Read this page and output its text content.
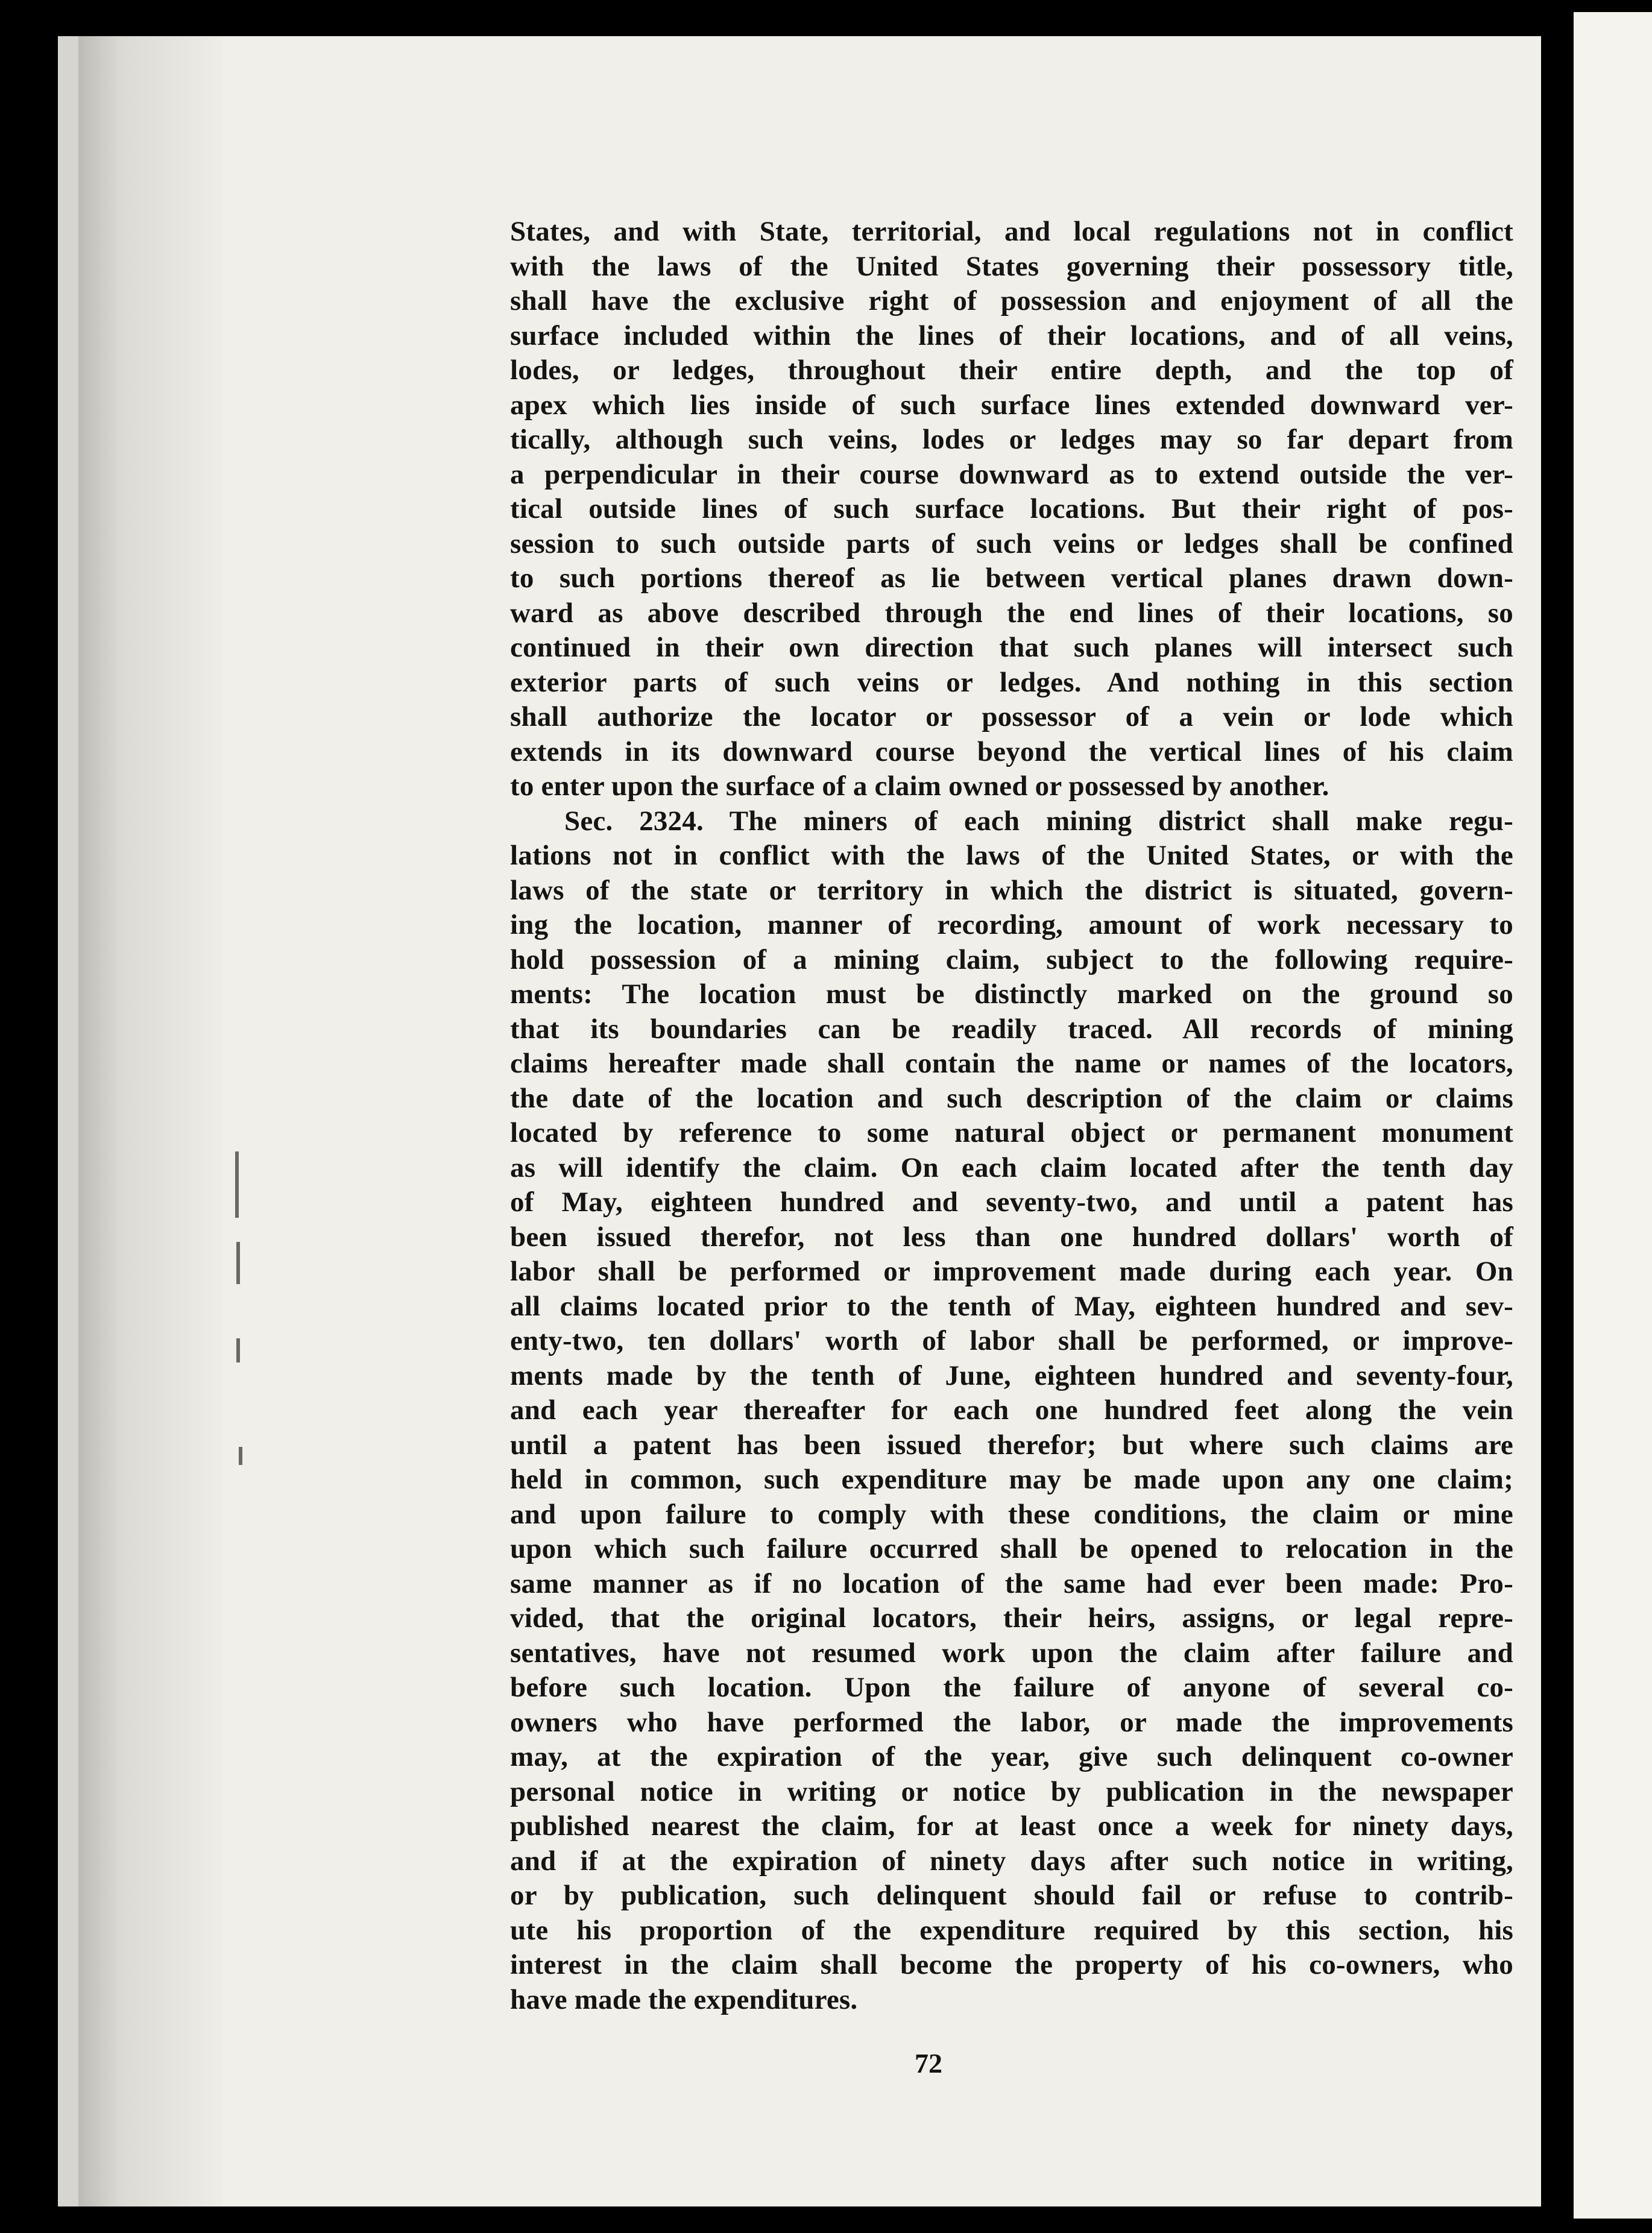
States, and with State, territorial, and local regulations not in conflict
with the laws of the United States governing their possessory title,
shall have the exclusive right of possession and enjoyment of all the
surface included within the lines of their locations, and of all veins,
lodes, or ledges, throughout their entire depth, and the top of
apex which lies inside of such surface lines extended downward ver-
tically, although such veins, lodes or ledges may so far depart from
a perpendicular in their course downward as to extend outside the ver-
tical outside lines of such surface locations. But their right of pos-
session to such outside parts of such veins or ledges shall be confined
to such portions thereof as lie between vertical planes drawn down-
ward as above described through the end lines of their locations, so
continued in their own direction that such planes will intersect such
exterior parts of such veins or ledges. And nothing in this section
shall authorize the locator or possessor of a vein or lode which
extends in its downward course beyond the vertical lines of his claim
to enter upon the surface of a claim owned or possessed by another.
Sec. 2324. The miners of each mining district shall make regu-
lations not in conflict with the laws of the United States, or with the
laws of the state or territory in which the district is situated, govern-
ing the location, manner of recording, amount of work necessary to
hold possession of a mining claim, subject to the following require-
ments: The location must be distinctly marked on the ground so
that its boundaries can be readily traced. All records of mining
claims hereafter made shall contain the name or names of the locators,
the date of the location and such description of the claim or claims
located by reference to some natural object or permanent monument
as will identify the claim. On each claim located after the tenth day
of May, eighteen hundred and seventy-two, and until a patent has
been issued therefor, not less than one hundred dollars' worth of
labor shall be performed or improvement made during each year. On
all claims located prior to the tenth of May, eighteen hundred and sev-
enty-two, ten dollars' worth of labor shall be performed, or improve-
ments made by the tenth of June, eighteen hundred and seventy-four,
and each year thereafter for each one hundred feet along the vein
until a patent has been issued therefor; but where such claims are
held in common, such expenditure may be made upon any one claim;
and upon failure to comply with these conditions, the claim or mine
upon which such failure occurred shall be opened to relocation in the
same manner as if no location of the same had ever been made: Pro-
vided, that the original locators, their heirs, assigns, or legal repre-
sentatives, have not resumed work upon the claim after failure and
before such location. Upon the failure of anyone of several co-
owners who have performed the labor, or made the improvements
may, at the expiration of the year, give such delinquent co-owner
personal notice in writing or notice by publication in the newspaper
published nearest the claim, for at least once a week for ninety days,
and if at the expiration of ninety days after such notice in writing,
or by publication, such delinquent should fail or refuse to contrib-
ute his proportion of the expenditure required by this section, his
interest in the claim shall become the property of his co-owners, who
have made the expenditures.
72
